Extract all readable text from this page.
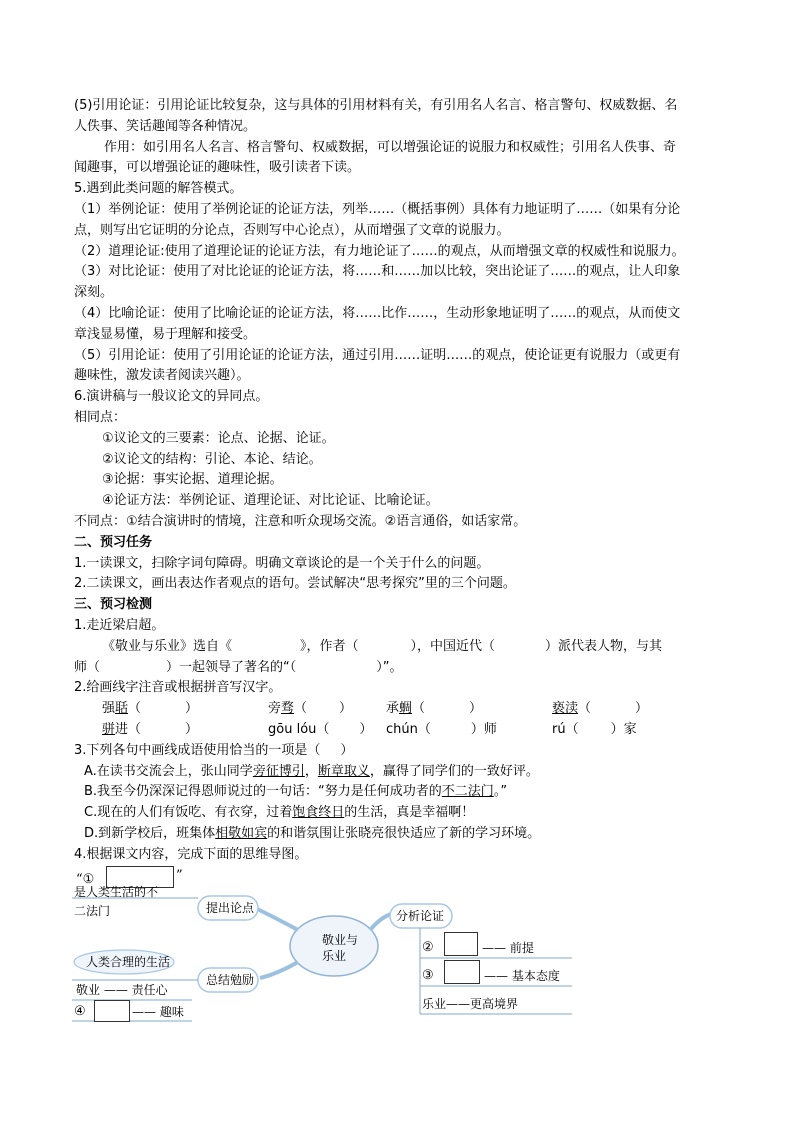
(5)引用论证：引用论证比较复杂，这与具体的引用材料有关，有引用名人名言、格言警句、权威数据、名
人佚事、笑话趣闻等各种情况。
作用：如引用名人名言、格言警句、权威数据，可以增强论证的说服力和权威性；引用名人佚事、奇
闻趣事，可以增强论证的趣味性，吸引读者下读。
5.遇到此类问题的解答模式。
（1）举例论证：使用了举例论证的论证方法，列举……（概括事例）具体有力地证明了……（如果有分论
点，则写出它证明的分论点，否则写中心论点），从而增强了文章的说服力。
（2）道理论证:使用了道理论证的论证方法，有力地论证了……的观点，从而增强文章的权威性和说服力。
（3）对比论证：使用了对比论证的论证方法，将……和……加以比较，突出论证了……的观点，让人印象
深刻。
（4）比喻论证：使用了比喻论证的论证方法，将……比作……，生动形象地证明了……的观点，从而使文
章浅显易懂，易于理解和接受。
（5）引用论证：使用了引用论证的论证方法，通过引用……证明……的观点，使论证更有说服力（或更有
趣味性，激发读者阅读兴趣）。
6.演讲稿与一般议论文的异同点。
相同点：
①议论文的三要素：论点、论据、论证。
②议论文的结构：引论、本论、结论。
③论据：事实论据、道理论据。
④论证方法：举例论证、道理论证、对比论证、比喻论证。
不同点：①结合演讲时的情境，注意和听众现场交流。②语言通俗，如话家常。
二、预习任务
1.一读课文，扫除字词句障碍。明确文章谈论的是一个关于什么的问题。
2.二读课文，画出表达作者观点的语句。尝试解决“思考探究”里的三个问题。
三、预习检测
1.走近梁启超。
《敬业与乐业》选自《	》，作者（	），中国近代（	）派代表人物，与其
师（	）一起领导了著名的“（	）”。
2.给画线字注音或根据拼音写汉字。
强聒（	）	旁骛（ ）	承蜩（	）	亵渎（	）
骈进（	）	gōu lóu（ ） chún（	）师	rú（ ）家
3.下列各句中画线成语使用恰当的一项是（ ）
A.在读书交流会上，张山同学旁征博引，断章取义，赢得了同学们的一致好评。
B.我至今仍深深记得恩师说过的一句话：“努力是任何成功者的不二法门。”
C.现在的人们有饭吃、有衣穿，过着饱食终日的生活，真是幸福啊！
D.到新学校后，班集体相敬如宾的和谐氛围让张晓亮很快适应了新的学习环境。
4.根据课文内容，完成下面的思维导图。
敬业与
乐业
提出论点
总结勉励
分析论证
“①	”
是人类生活的不
二法门
人类合理的生活
敬业 —— 责任心
④	—— 趣味
②	—— 前提
③	—— 基本态度
乐业——更高境界
